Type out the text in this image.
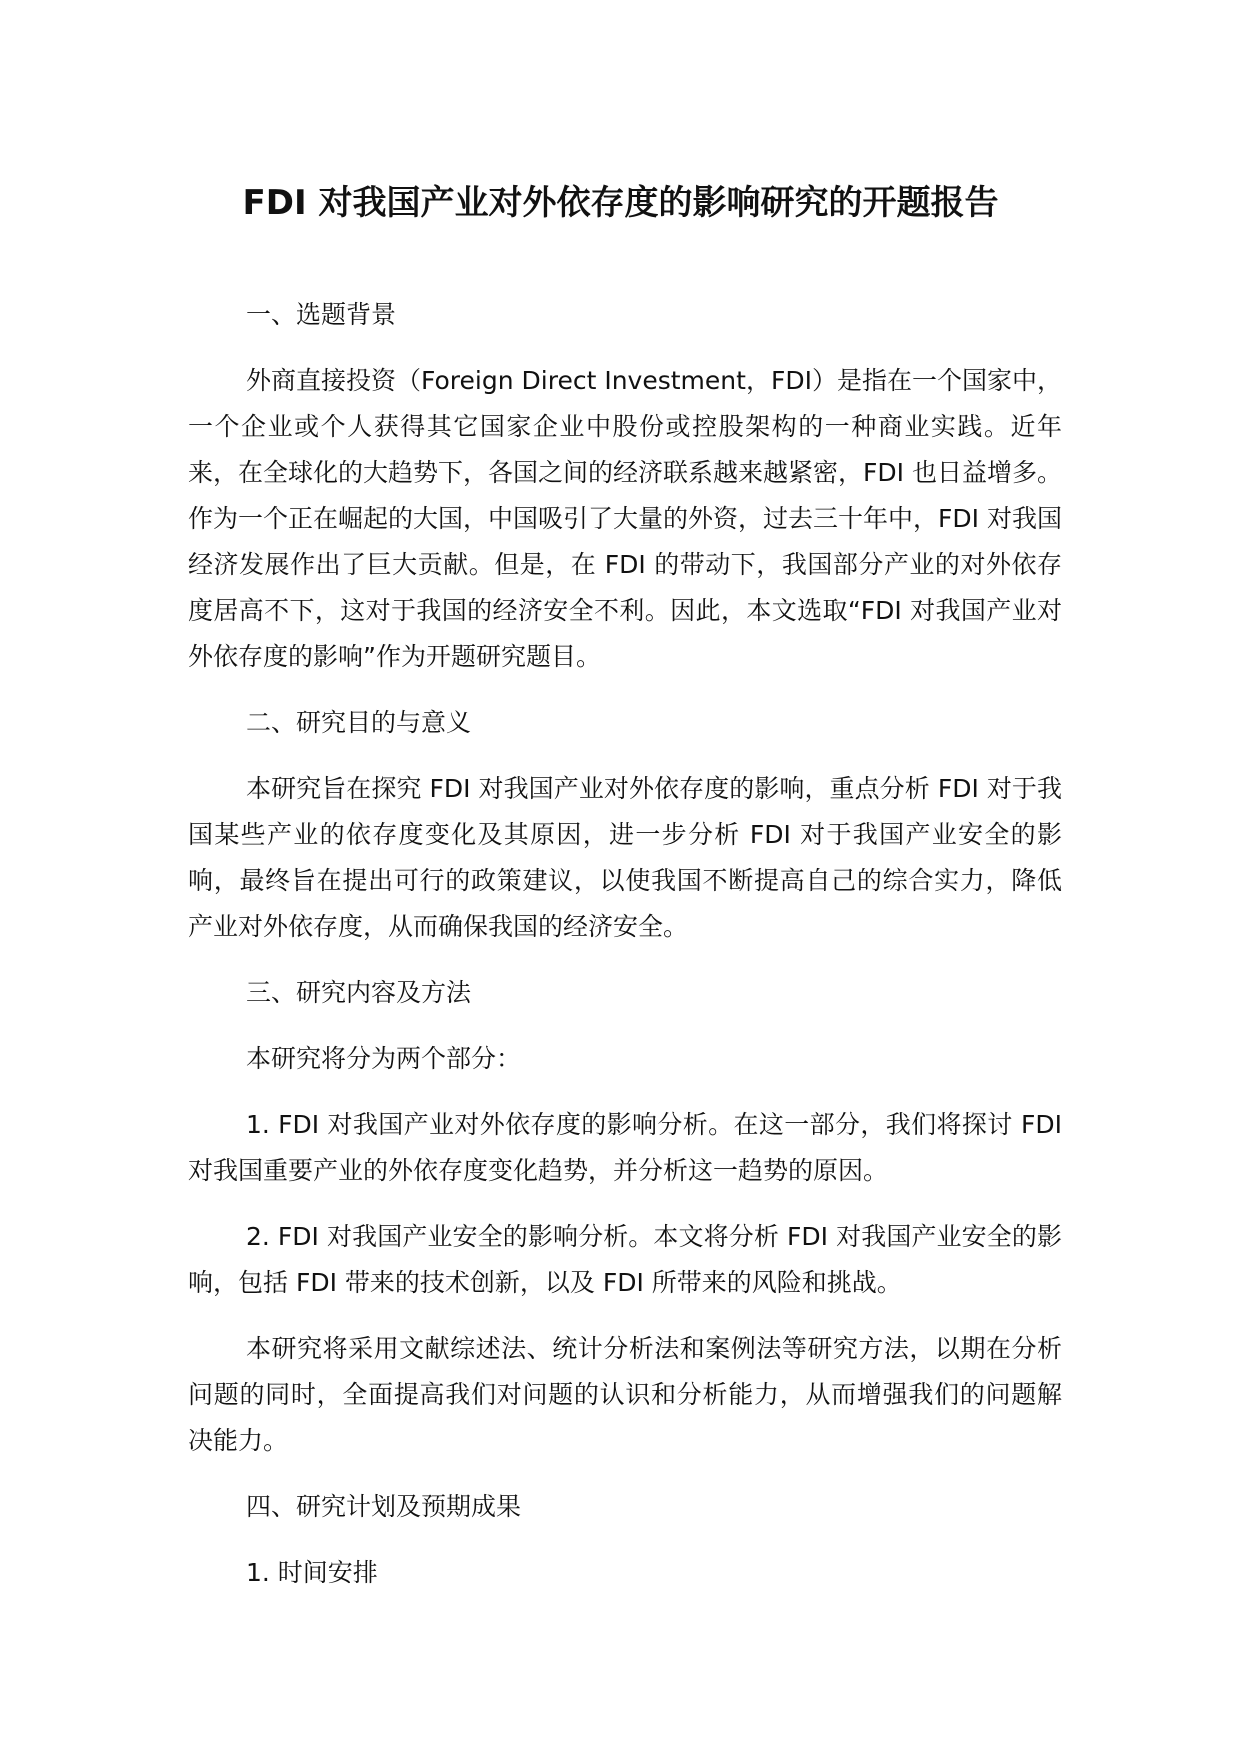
FDI 对我国产业对外依存度的影响研究的开题报告

一、选题背景

外商直接投资（Foreign Direct Investment，FDI）是指在一个国家中，一个企业或个人获得其它国家企业中股份或控股架构的一种商业实践。近年来，在全球化的大趋势下，各国之间的经济联系越来越紧密，FDI 也日益增多。作为一个正在崛起的大国，中国吸引了大量的外资，过去三十年中，FDI 对我国经济发展作出了巨大贡献。但是，在 FDI 的带动下，我国部分产业的对外依存度居高不下，这对于我国的经济安全不利。因此，本文选取“FDI 对我国产业对外依存度的影响”作为开题研究题目。

二、研究目的与意义

本研究旨在探究 FDI 对我国产业对外依存度的影响，重点分析 FDI 对于我国某些产业的依存度变化及其原因，进一步分析 FDI 对于我国产业安全的影响，最终旨在提出可行的政策建议，以使我国不断提高自己的综合实力，降低产业对外依存度，从而确保我国的经济安全。

三、研究内容及方法

本研究将分为两个部分：

1. FDI 对我国产业对外依存度的影响分析。在这一部分，我们将探讨 FDI 对我国重要产业的外依存度变化趋势，并分析这一趋势的原因。

2. FDI 对我国产业安全的影响分析。本文将分析 FDI 对我国产业安全的影响，包括 FDI 带来的技术创新，以及 FDI 所带来的风险和挑战。

本研究将采用文献综述法、统计分析法和案例法等研究方法，以期在分析问题的同时，全面提高我们对问题的认识和分析能力，从而增强我们的问题解决能力。

四、研究计划及预期成果

1. 时间安排
